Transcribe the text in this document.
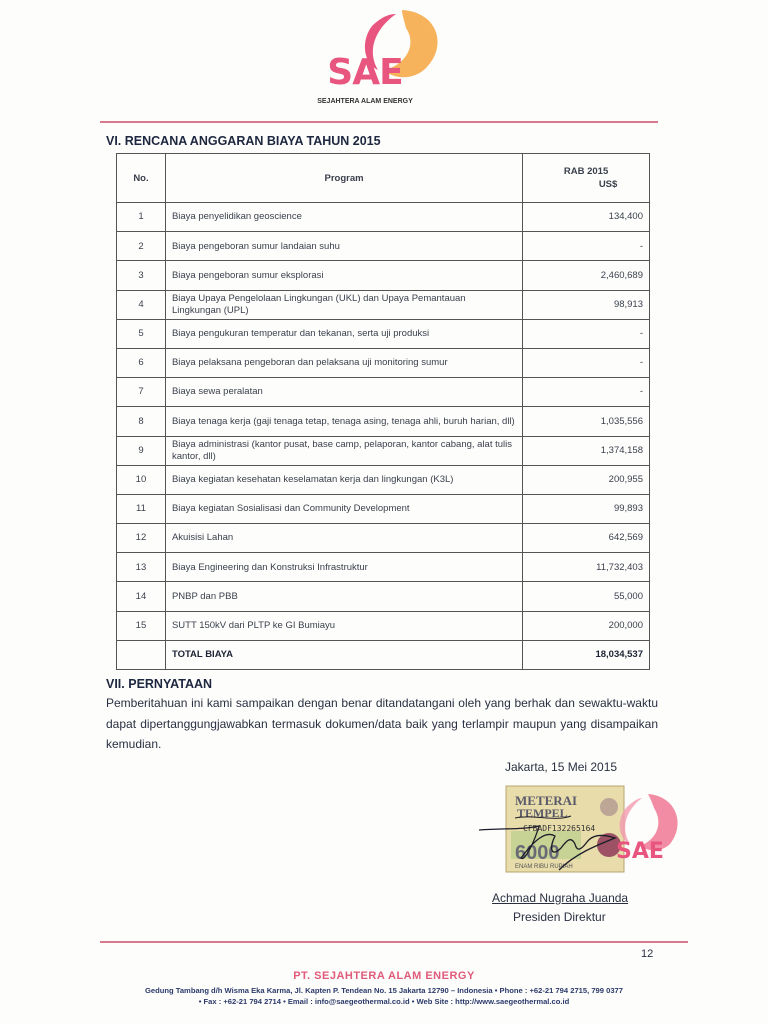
SAE
SEJAHTERA ALAM ENERGY
VI. RENCANA ANGGARAN BIAYA TAHUN 2015
No.	Program	RAB 2015
US$

1	Biaya penyelidikan geoscience	134,400
2	Biaya pengeboran sumur landaian suhu	-
3	Biaya pengeboran sumur eksplorasi	2,460,689
4	Biaya Upaya Pengelolaan Lingkungan (UKL) dan Upaya Pemantauan Lingkungan (UPL)	98,913
5	Biaya pengukuran temperatur dan tekanan, serta uji produksi	-
6	Biaya pelaksana pengeboran dan pelaksana uji monitoring sumur	-
7	Biaya sewa peralatan	-
8	Biaya tenaga kerja (gaji tenaga tetap, tenaga asing, tenaga ahli, buruh harian, dll)	1,035,556
9	Biaya administrasi (kantor pusat, base camp, pelaporan, kantor cabang, alat tulis kantor, dll)	1,374,158
10	Biaya kegiatan kesehatan keselamatan kerja dan lingkungan (K3L)	200,955
11	Biaya kegiatan Sosialisasi dan Community Development	99,893
12	Akuisisi Lahan	642,569
13	Biaya Engineering dan Konstruksi Infrastruktur	11,732,403
14	PNBP dan PBB	55,000
15	SUTT 150kV dari PLTP ke GI Bumiayu	200,000
	TOTAL BIAYA	18,034,537
VII. PERNYATAAN
Pemberitahuan ini kami sampaikan dengan benar ditandatangani oleh yang berhak dan sewaktu-waktu dapat dipertanggungjawabkan termasuk dokumen/data baik yang terlampir maupun yang disampaikan kemudian.
Jakarta, 15 Mei 2015
METERAI
TEMPEL
CFBADF132265164
6000
ENAM RIBU RUPIAH
SAE
Achmad Nugraha Juanda
Presiden Direktur
12
PT. SEJAHTERA ALAM ENERGY
Gedung Tambang d/h Wisma Eka Karma, Jl. Kapten P. Tendean No. 15 Jakarta 12790 – Indonesia • Phone : +62-21 794 2715, 799 0377
• Fax : +62-21 794 2714 • Email : info@saegeothermal.co.id • Web Site : http://www.saegeothermal.co.id
